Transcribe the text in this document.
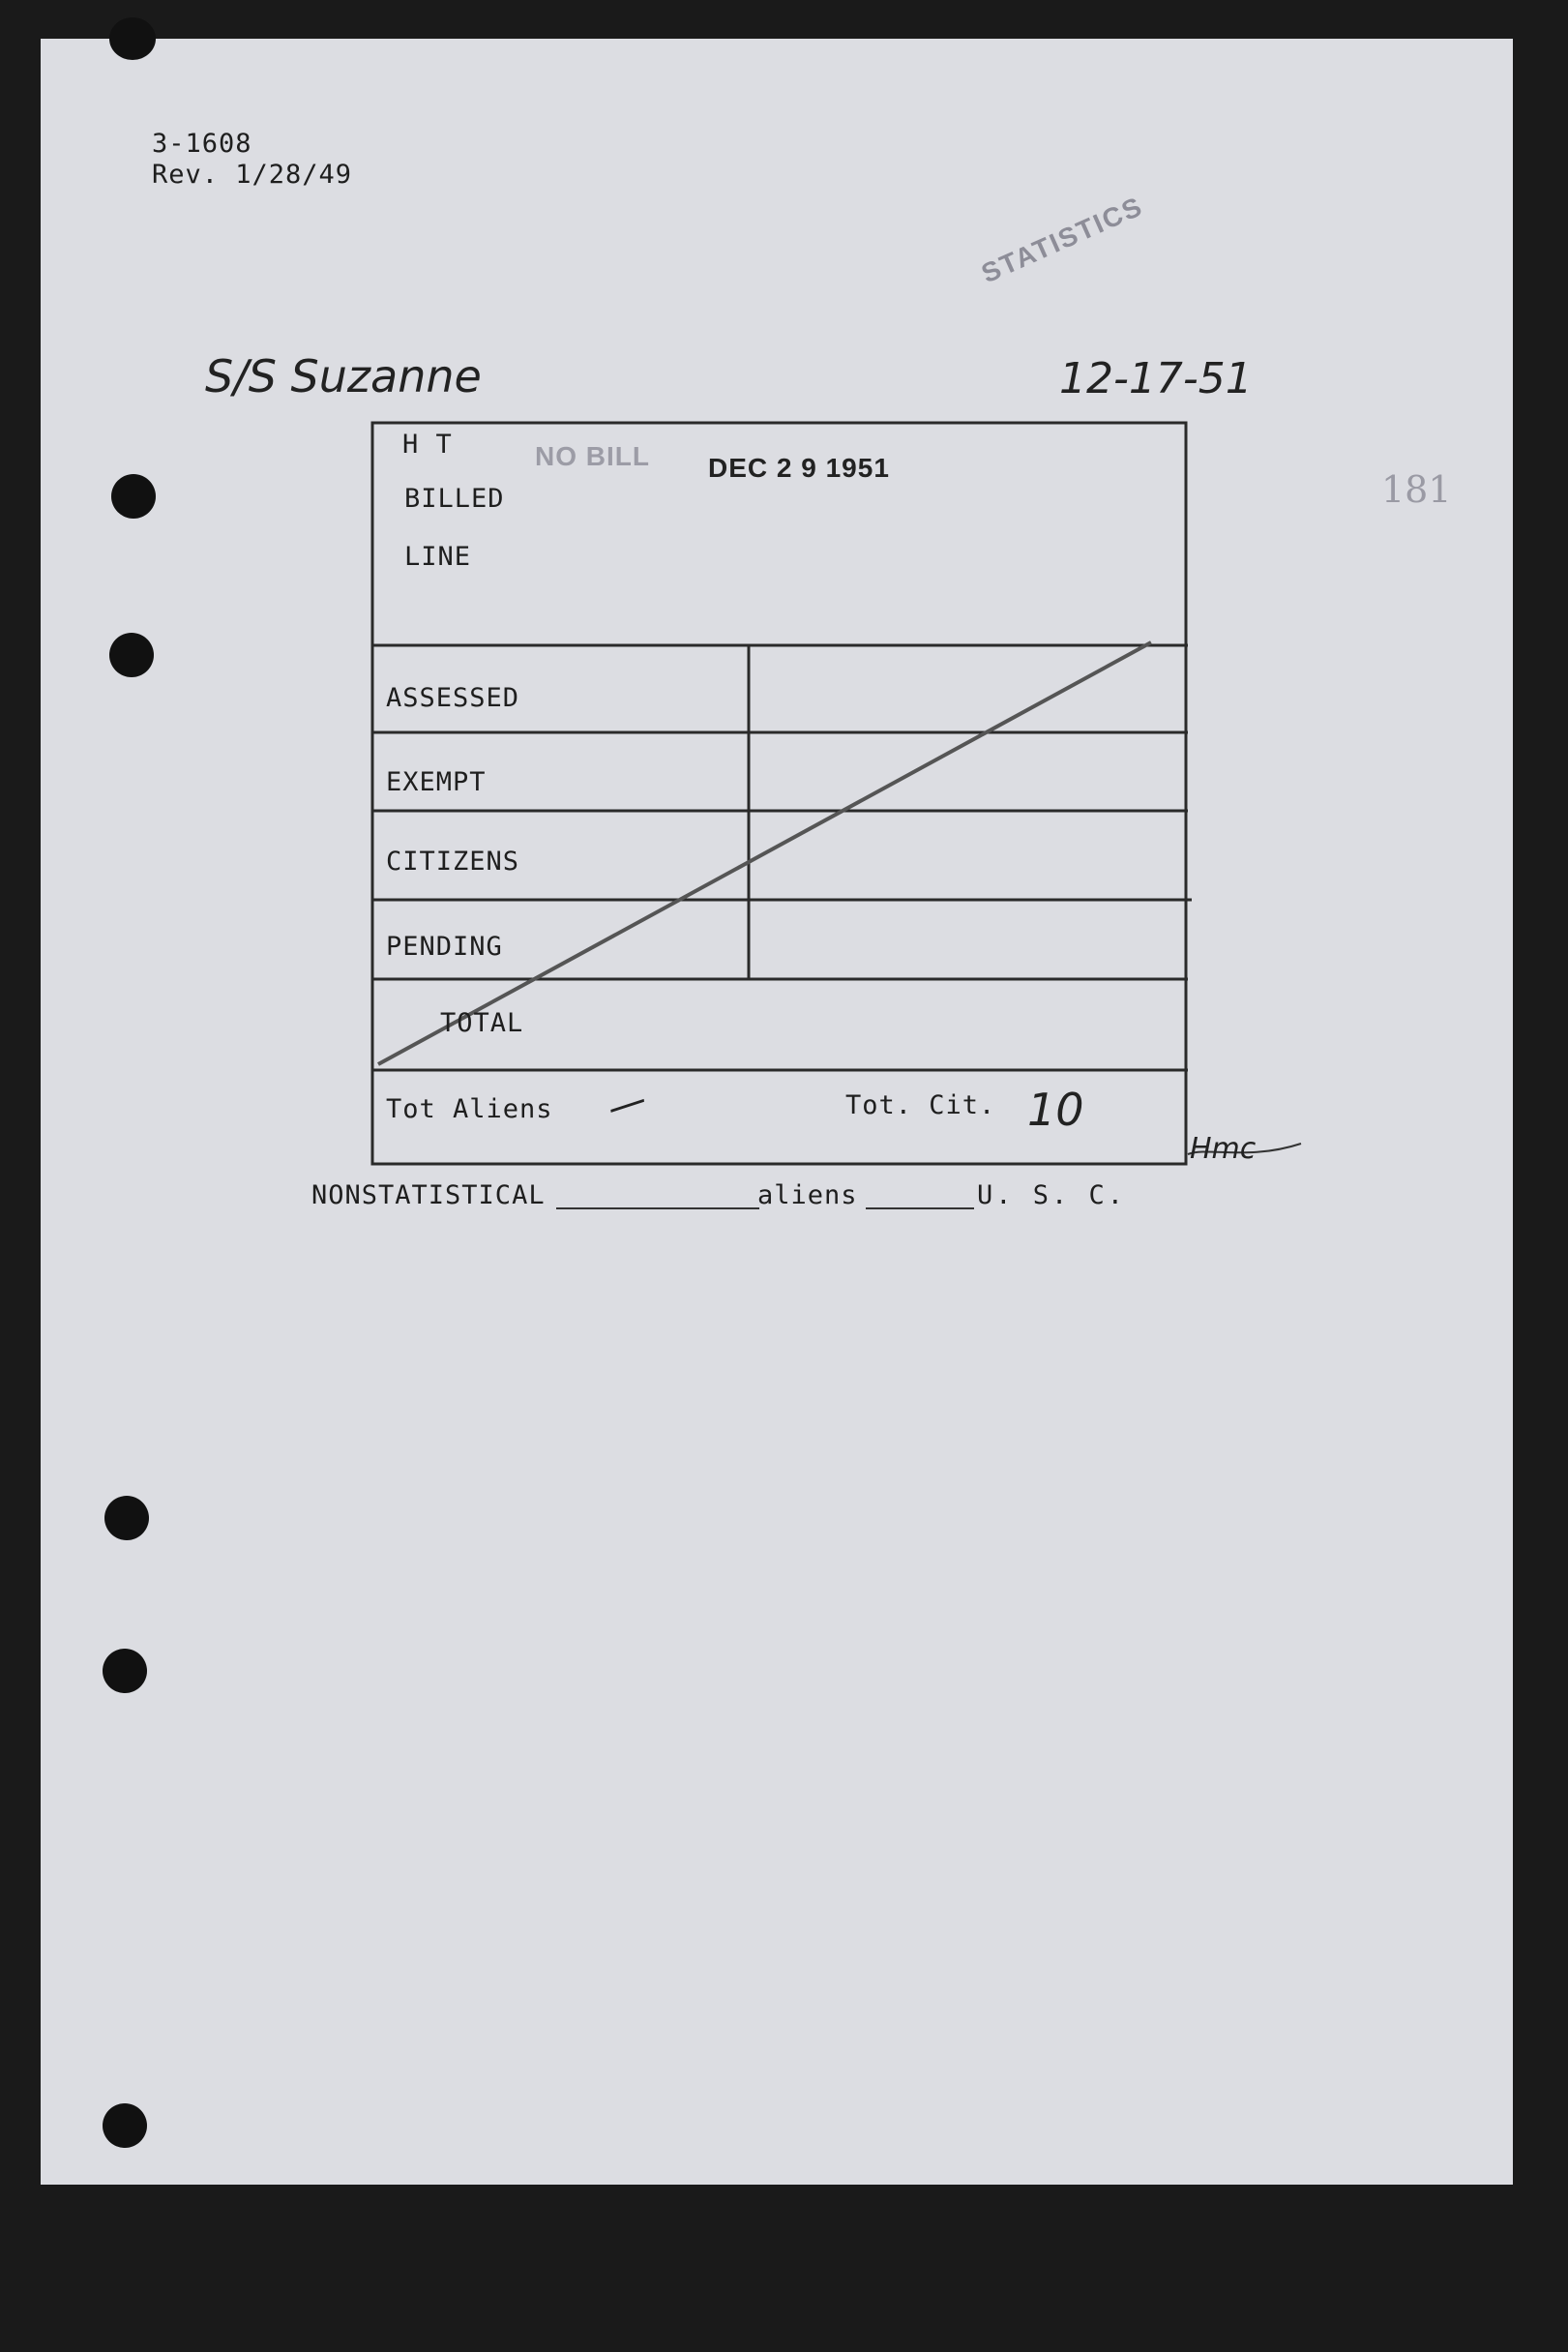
3-1608
Rev. 1/28/49
STATISTICS
S/S Suzanne	12-17-51
181
H T
BILLED
LINE
NO BILL DEC 2 9 1951
ASSESSED
EXEMPT
CITIZENS
PENDING
TOTAL
Tot Aliens —	Tot. Cit. 10
Hmc
NONSTATISTICAL	aliens	U. S. C.
